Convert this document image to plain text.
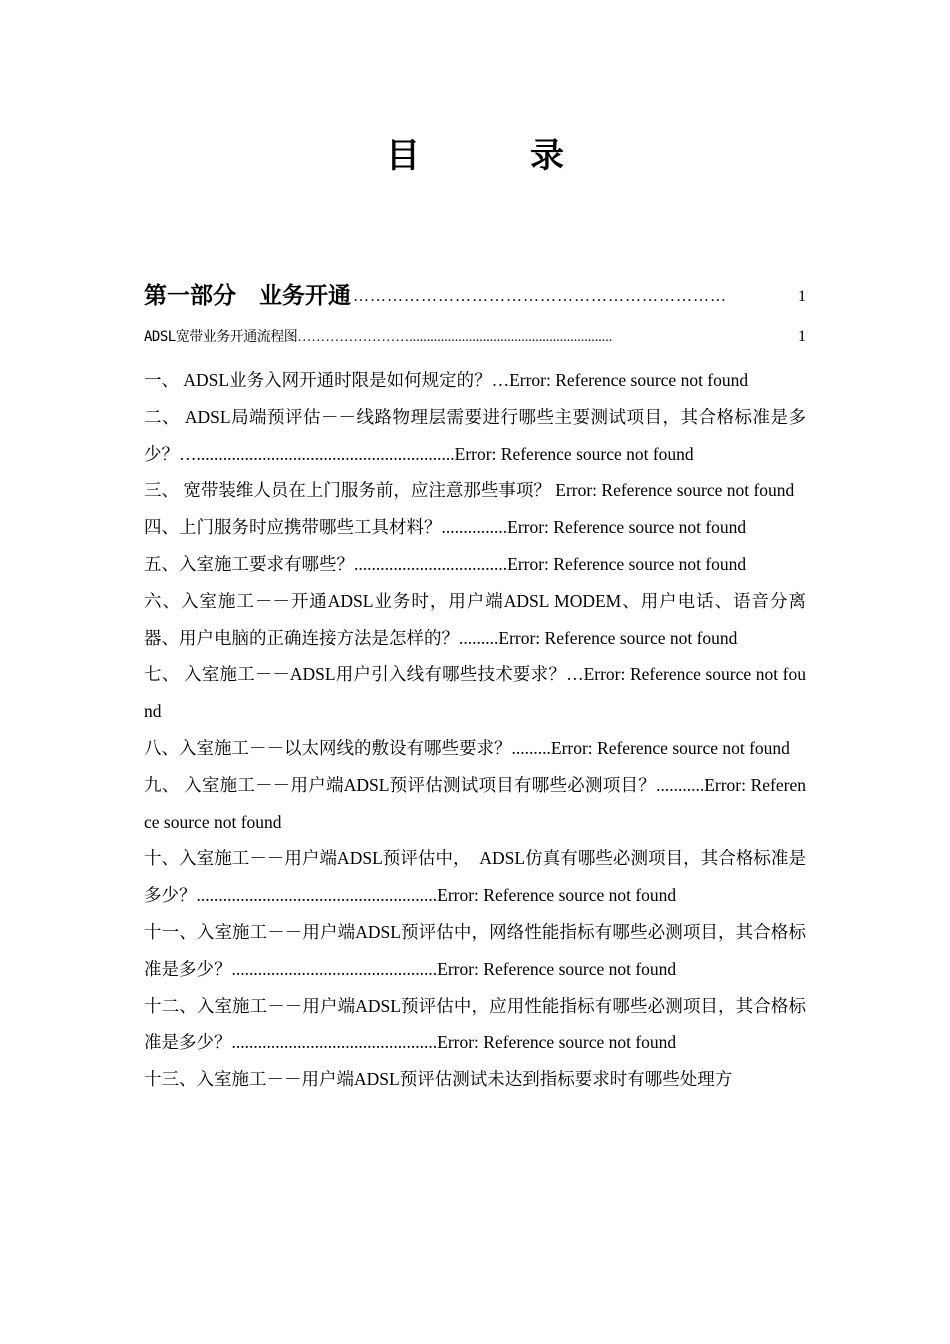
目	录
第一部分　业务开通 …………………………………………………………	1
ADSL宽带业务开通流程图 ……………………..........................................................	1
一、 ADSL业务入网开通时限是如何规定的？…Error: Reference source not found
二、 ADSL局端预评估－－线路物理层需要进行哪些主要测试项目，其合格标准是多少？…...........................................................Error: Reference source not found
三、 宽带装维人员在上门服务前，应注意那些事项？ Error: Reference source not found
四、上门服务时应携带哪些工具材料？...............Error: Reference source not found
五、入室施工要求有哪些？...................................Error: Reference source not found
六、入室施工－－开通ADSL业务时，用户端ADSL MODEM、用户电话、语音分离器、用户电脑的正确连接方法是怎样的？.........Error: Reference source not found
七、 入室施工－－ADSL用户引入线有哪些技术要求？…Error: Reference source not found
八、入室施工－－以太网线的敷设有哪些要求？.........Error: Reference source not found
九、 入室施工－－用户端ADSL预评估测试项目有哪些必测项目？...........Error: Reference source not found
十、入室施工－－用户端ADSL预评估中，　ADSL仿真有哪些必测项目，其合格标准是多少？.......................................................Error: Reference source not found
十一、入室施工－－用户端ADSL预评估中，网络性能指标有哪些必测项目，其合格标准是多少？...............................................Error: Reference source not found
十二、入室施工－－用户端ADSL预评估中，应用性能指标有哪些必测项目，其合格标准是多少？...............................................Error: Reference source not found
十三、入室施工－－用户端ADSL预评估测试未达到指标要求时有哪些处理方
